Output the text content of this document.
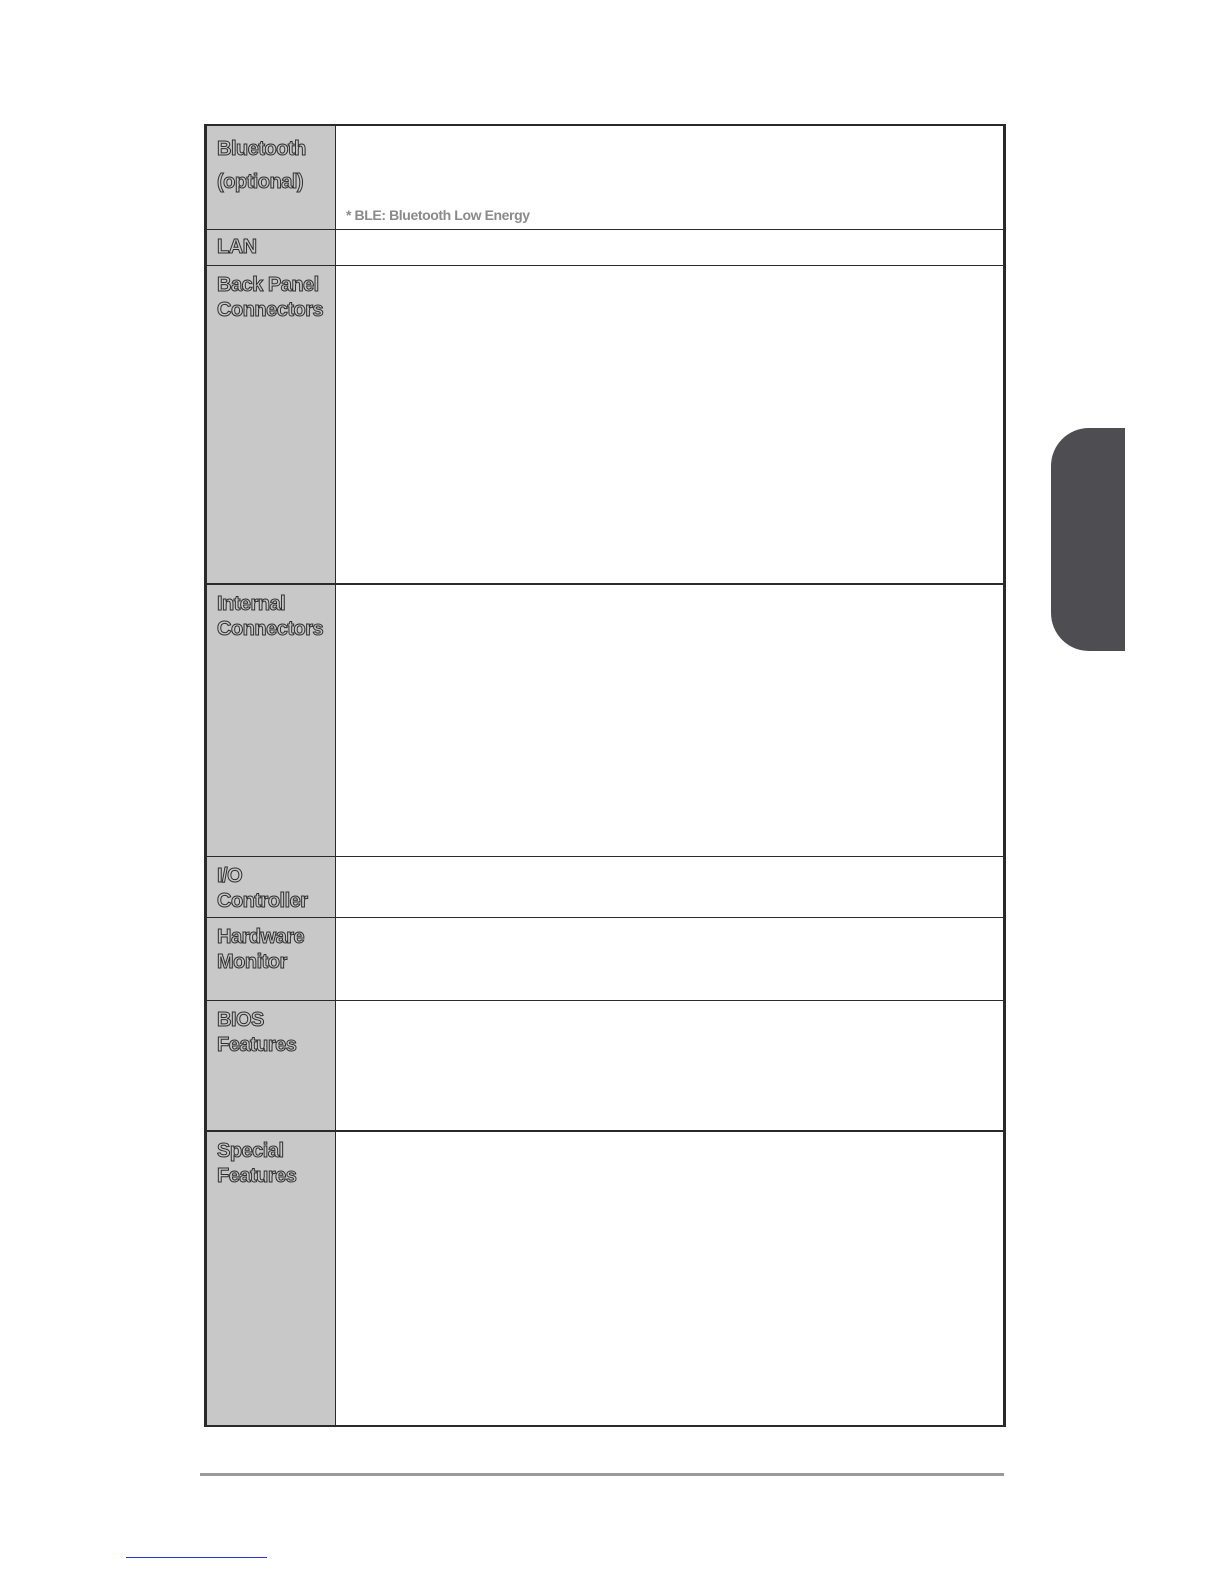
Bluetooth
(optional)	* BLE: Bluetooth Low Energy

LAN	

Back Panel
Connectors	

Internal
Connectors	

I/O
Controller	

Hardware
Monitor	

BIOS
Features	

Special
Features	
